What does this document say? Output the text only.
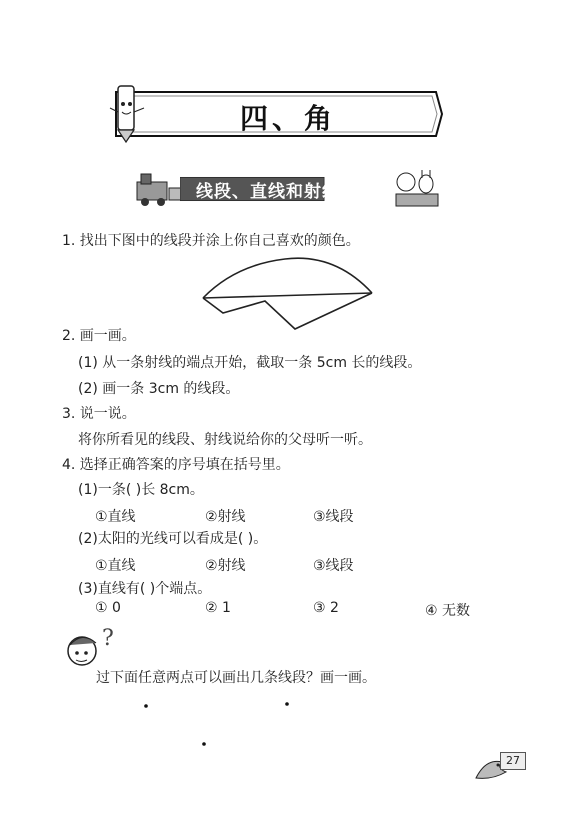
四、角
线段、直线和射线
1. 找出下图中的线段并涂上你自己喜欢的颜色。
2. 画一画。
(1) 从一条射线的端点开始，截取一条 5cm 长的线段。
(2) 画一条 3cm 的线段。
3. 说一说。
将你所看见的线段、射线说给你的父母听一听。
4. 选择正确答案的序号填在括号里。
(1)一条( )长 8cm。
①直线	②射线	③线段
(2)太阳的光线可以看成是( )。
①直线	②射线	③线段
(3)直线有( )个端点。
① 0	② 1	③ 2	④ 无数
?
过下面任意两点可以画出几条线段？画一画。
27
